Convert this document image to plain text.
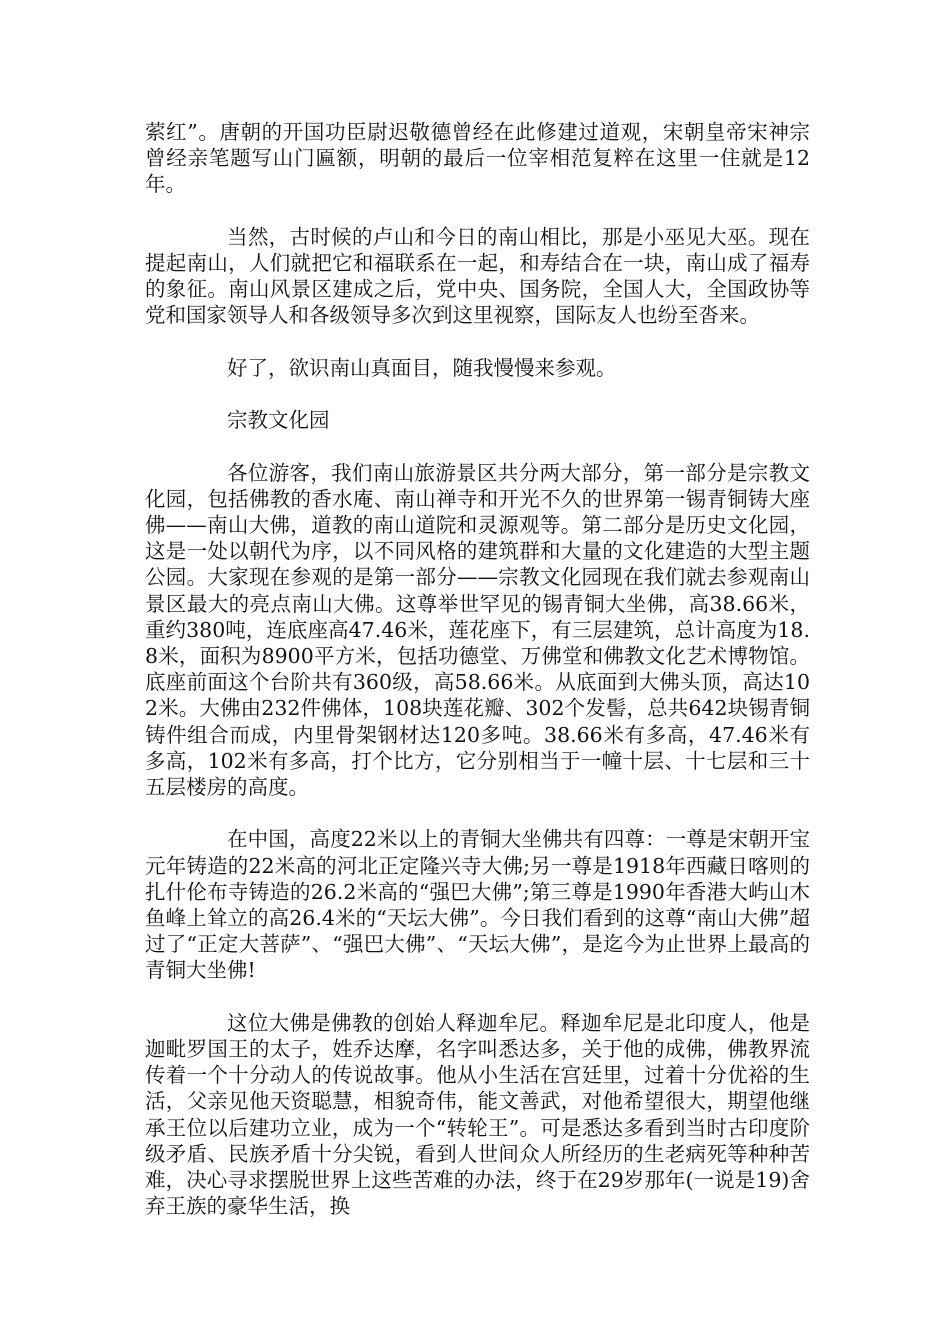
萦红”。唐朝的开国功臣尉迟敬德曾经在此修建过道观，宋朝皇帝宋神宗曾经亲笔题写山门匾额，明朝的最后一位宰相范复粹在这里一住就是12年。

当然，古时候的卢山和今日的南山相比，那是小巫见大巫。现在提起南山，人们就把它和福联系在一起，和寿结合在一块，南山成了福寿的象征。南山风景区建成之后，党中央、国务院，全国人大，全国政协等党和国家领导人和各级领导多次到这里视察，国际友人也纷至沓来。

好了，欲识南山真面目，随我慢慢来参观。

宗教文化园

各位游客，我们南山旅游景区共分两大部分，第一部分是宗教文化园，包括佛教的香水庵、南山禅寺和开光不久的世界第一锡青铜铸大座佛——南山大佛，道教的南山道院和灵源观等。第二部分是历史文化园，这是一处以朝代为序，以不同风格的建筑群和大量的文化建造的大型主题公园。大家现在参观的是第一部分——宗教文化园现在我们就去参观南山景区最大的亮点南山大佛。这尊举世罕见的锡青铜大坐佛，高38.66米，重约380吨，连底座高47.46米，莲花座下，有三层建筑，总计高度为18.8米，面积为8900平方米，包括功德堂、万佛堂和佛教文化艺术博物馆。底座前面这个台阶共有360级，高58.66米。从底面到大佛头顶，高达102米。大佛由232件佛体，108块莲花瓣、302个发髻，总共642块锡青铜铸件组合而成，内里骨架钢材达120多吨。38.66米有多高，47.46米有多高，102米有多高，打个比方，它分别相当于一幢十层、十七层和三十五层楼房的高度。

在中国，高度22米以上的青铜大坐佛共有四尊：一尊是宋朝开宝元年铸造的22米高的河北正定隆兴寺大佛;另一尊是1918年西藏日喀则的扎什伦布寺铸造的26.2米高的“强巴大佛”;第三尊是1990年香港大屿山木鱼峰上耸立的高26.4米的“天坛大佛”。今日我们看到的这尊“南山大佛”超过了“正定大菩萨”、“强巴大佛”、“天坛大佛”，是迄今为止世界上最高的青铜大坐佛!

这位大佛是佛教的创始人释迦牟尼。释迦牟尼是北印度人，他是迦毗罗国王的太子，姓乔达摩，名字叫悉达多，关于他的成佛，佛教界流传着一个十分动人的传说故事。他从小生活在宫廷里，过着十分优裕的生活，父亲见他天资聪慧，相貌奇伟，能文善武，对他希望很大，期望他继承王位以后建功立业，成为一个“转轮王”。可是悉达多看到当时古印度阶级矛盾、民族矛盾十分尖锐，看到人世间众人所经历的生老病死等种种苦难，决心寻求摆脱世界上这些苦难的办法，终于在29岁那年(一说是19)舍弃王族的豪华生活，换
